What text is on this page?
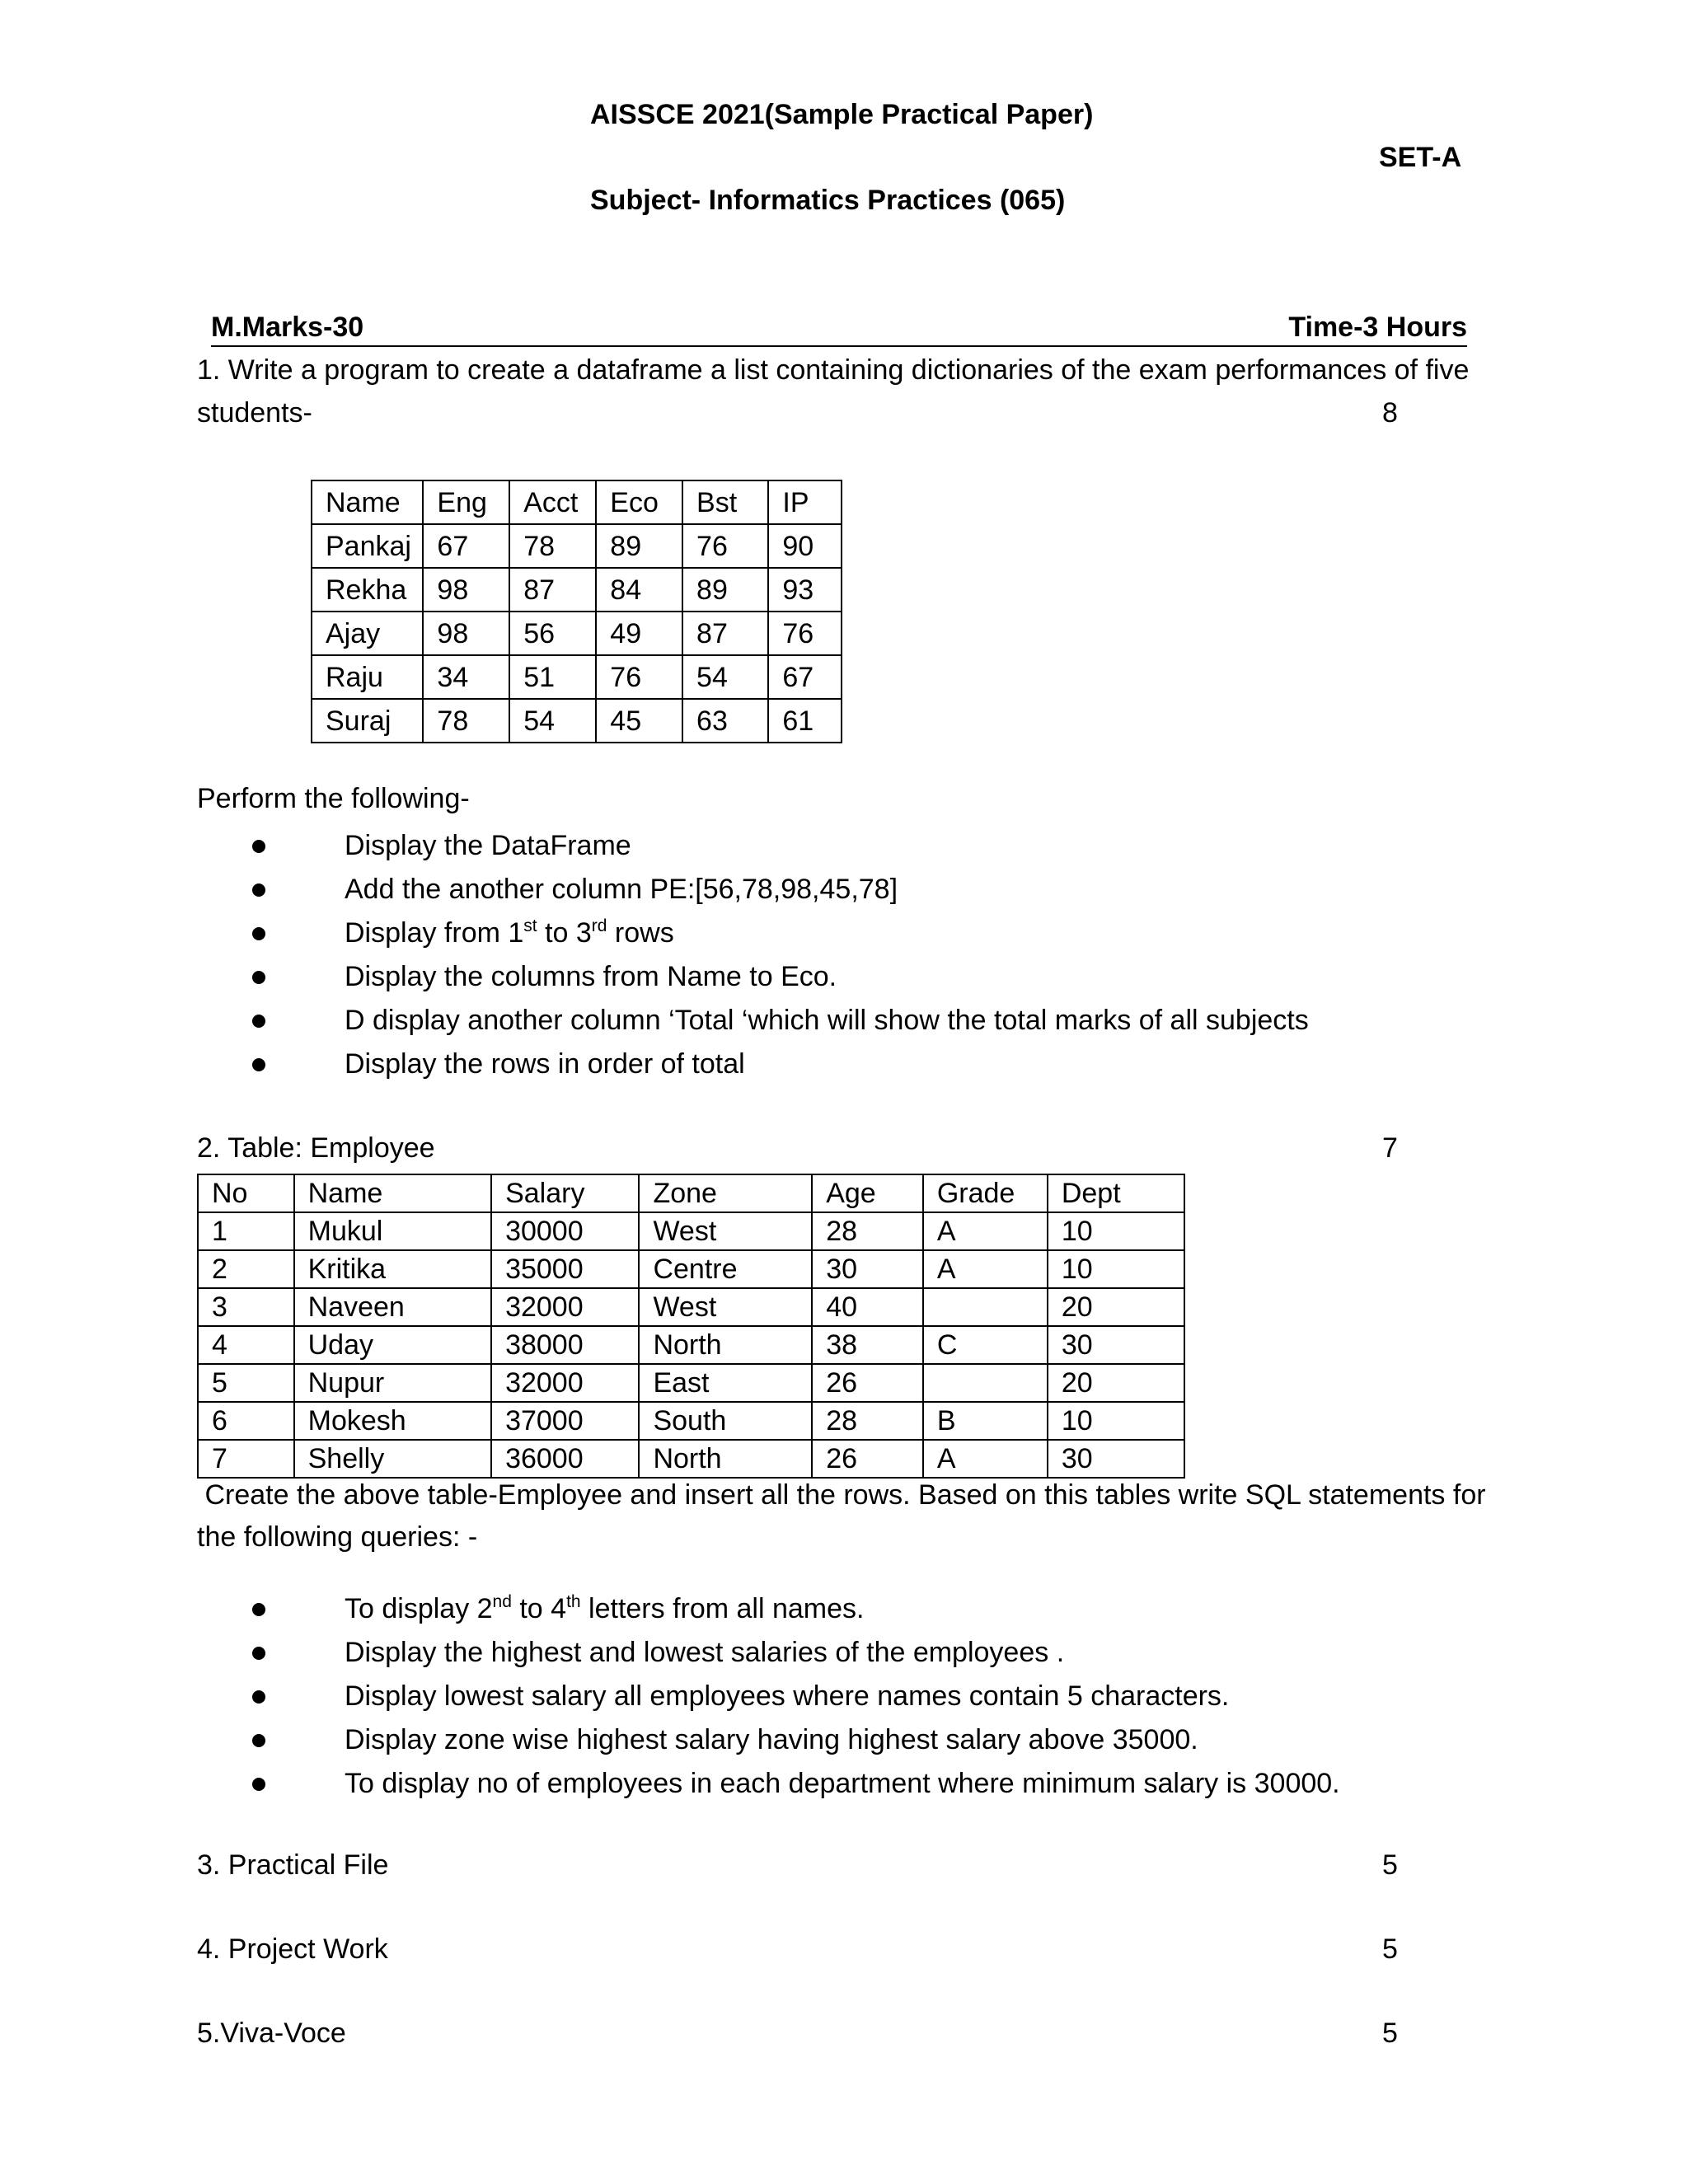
AISSCE 2021(Sample Practical Paper)
SET-A
Subject- Informatics Practices (065)
M.Marks-30	Time-3 Hours
1. Write a program to create a dataframe a list containing dictionaries of the exam performances of five
students-	8
Name	Eng	Acct	Eco	Bst	IP
Pankaj	67	78	89	76	90
Rekha	98	87	84	89	93
Ajay	98	56	49	87	76
Raju	34	51	76	54	67
Suraj	78	54	45	63	61
Perform the following-
Display the DataFrame
Add the another column PE:[56,78,98,45,78]
Display from 1st to 3rd rows
Display the columns from Name to Eco.
D display another column ‘Total ‘which will show the total marks of all subjects
Display the rows in order of total
2. Table: Employee	7
No	Name	Salary	Zone	Age	Grade	Dept
1	Mukul	30000	West	28	A	10
2	Kritika	35000	Centre	30	A	10
3	Naveen	32000	West	40		20
4	Uday	38000	North	38	C	30
5	Nupur	32000	East	26		20
6	Mokesh	37000	South	28	B	10
7	Shelly	36000	North	26	A	30
Create the above table-Employee and insert all the rows. Based on this tables write SQL statements for
the following queries: -
To display 2nd to 4th letters from all names.
Display the highest and lowest salaries of the employees .
Display lowest salary all employees where names contain 5 characters.
Display zone wise highest salary having highest salary above 35000.
To display no of employees in each department where minimum salary is 30000.
3. Practical File	5
4. Project Work	5
5.Viva-Voce	5
